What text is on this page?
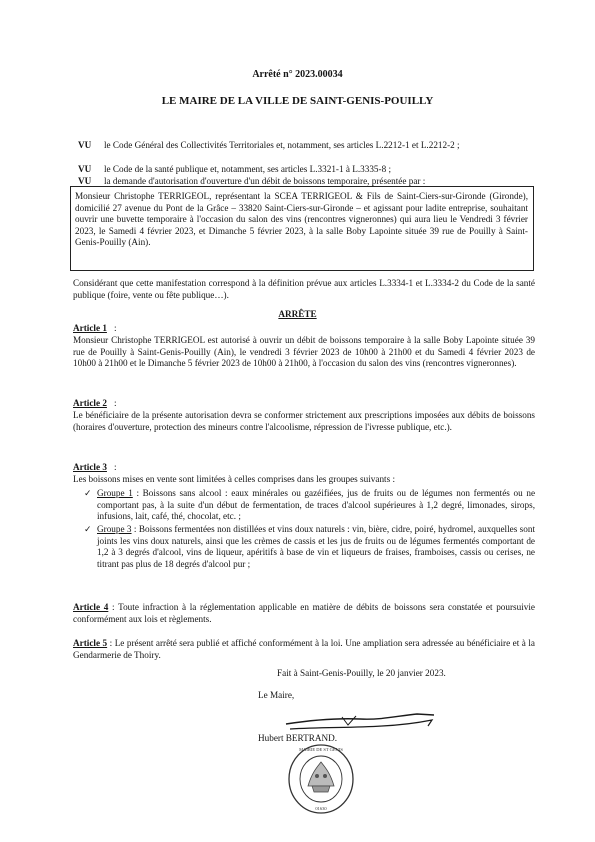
Arrêté n° 2023.00034
LE MAIRE DE LA VILLE DE SAINT-GENIS-POUILLY
VU le Code Général des Collectivités Territoriales et, notamment, ses articles L.2212-1 et L.2212-2 ;
VU le Code de la santé publique et, notamment, ses articles L.3321-1 à L.3335-8 ;
VU la demande d'autorisation d'ouverture d'un débit de boissons temporaire, présentée par :
Monsieur Christophe TERRIGEOL, représentant la SCEA TERRIGEOL & Fils de Saint-Ciers-sur-Gironde (Gironde), domicilié 27 avenue du Pont de la Grâce – 33820 Saint-Ciers-sur-Gironde – et agissant pour ladite entreprise, souhaitant ouvrir une buvette temporaire à l'occasion du salon des vins (rencontres vigneronnes) qui aura lieu le Vendredi 3 février 2023, le Samedi 4 février 2023, et Dimanche 5 février 2023, à la salle Boby Lapointe située 39 rue de Pouilly à Saint-Genis-Pouilly (Ain).
Considérant que cette manifestation correspond à la définition prévue aux articles L.3334-1 et L.3334-2 du Code de la santé publique (foire, vente ou fête publique…).
ARRÊTE
Article 1 :
Monsieur Christophe TERRIGEOL est autorisé à ouvrir un débit de boissons temporaire à la salle Boby Lapointe située 39 rue de Pouilly à Saint-Genis-Pouilly (Ain), le vendredi 3 février 2023 de 10h00 à 21h00 et du Samedi 4 février 2023 de 10h00 à 21h00 et le Dimanche 5 février 2023 de 10h00 à 21h00, à l'occasion du salon des vins (rencontres vigneronnes).
Article 2 :
Le bénéficiaire de la présente autorisation devra se conformer strictement aux prescriptions imposées aux débits de boissons (horaires d'ouverture, protection des mineurs contre l'alcoolisme, répression de l'ivresse publique, etc.).
Article 3 :
Les boissons mises en vente sont limitées à celles comprises dans les groupes suivants :
✓ Groupe 1 : Boissons sans alcool : eaux minérales ou gazéifiées, jus de fruits ou de légumes non fermentés ou ne comportant pas, à la suite d'un début de fermentation, de traces d'alcool supérieures à 1,2 degré, limonades, sirops, infusions, lait, café, thé, chocolat, etc. ;
✓ Groupe 3 : Boissons fermentées non distillées et vins doux naturels : vin, bière, cidre, poiré, hydromel, auxquelles sont joints les vins doux naturels, ainsi que les crèmes de cassis et les jus de fruits ou de légumes fermentés comportant de 1,2 à 3 degrés d'alcool, vins de liqueur, apéritifs à base de vin et liqueurs de fraises, framboises, cassis ou cerises, ne titrant pas plus de 18 degrés d'alcool pur ;
Article 4 : Toute infraction à la réglementation applicable en matière de débits de boissons sera constatée et poursuivie conformément aux lois et règlements.
Article 5 : Le présent arrêté sera publié et affiché conformément à la loi. Une ampliation sera adressée au bénéficiaire et à la Gendarmerie de Thoiry.
Fait à Saint-Genis-Pouilly, le 20 janvier 2023.
Le Maire,
Hubert BERTRAND.
MAIRIE DE ST GENIS
01630
